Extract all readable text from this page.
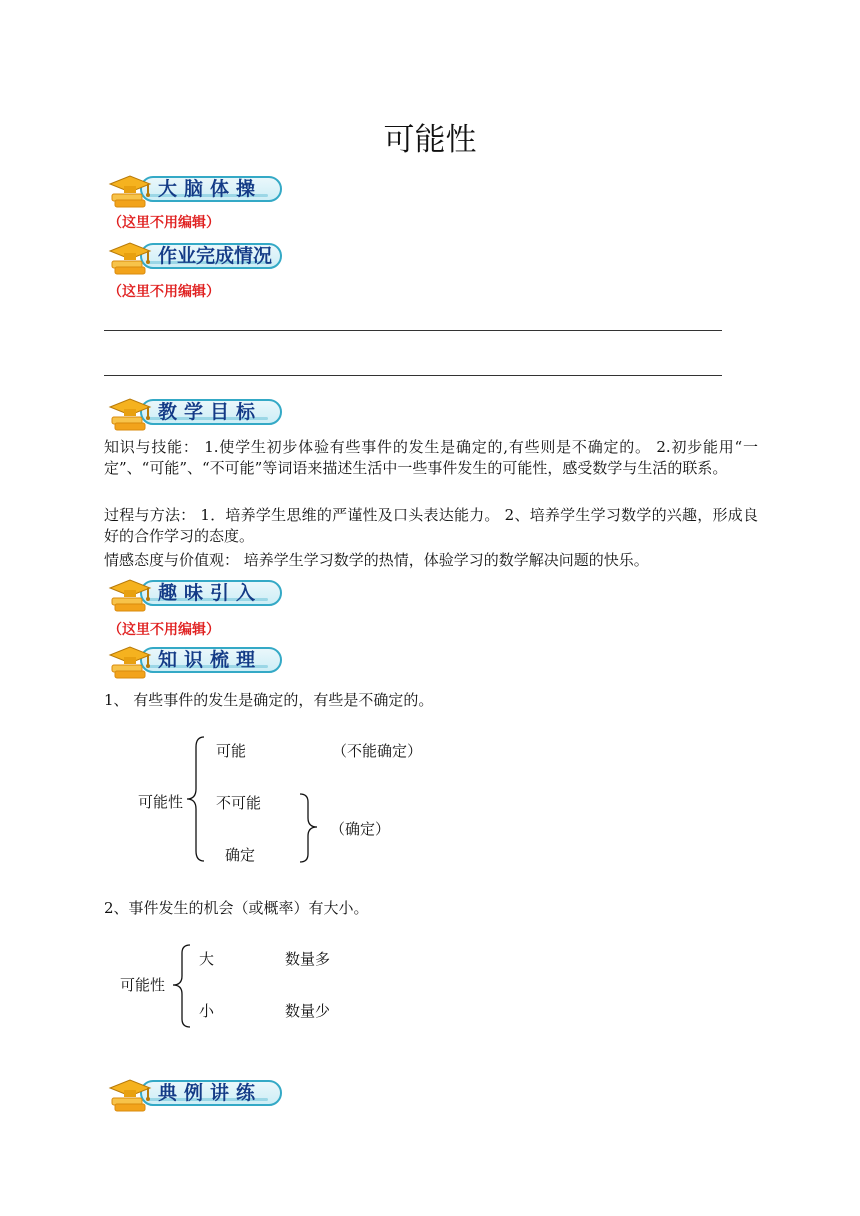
可能性
大脑体操
（这里不用编辑）
作业完成情况
（这里不用编辑）
教学目标
知识与技能： 1.使学生初步体验有些事件的发生是确定的,有些则是不确定的。 2.初步能用“一定”、“可能”、“不可能”等词语来描述生活中一些事件发生的可能性，感受数学与生活的联系。
过程与方法： 1．培养学生思维的严谨性及口头表达能力。 2、培养学生学习数学的兴趣，形成良好的合作学习的态度。
情感态度与价值观： 培养学生学习数学的热情，体验学习的数学解决问题的快乐。
趣味引入
（这里不用编辑）
知识梳理
1、 有些事件的发生是确定的，有些是不确定的。
可能性
可能
不可能
确定
（不能确定）
（确定）
2、事件发生的机会（或概率）有大小。
可能性
大
小
数量多
数量少
典例讲练
